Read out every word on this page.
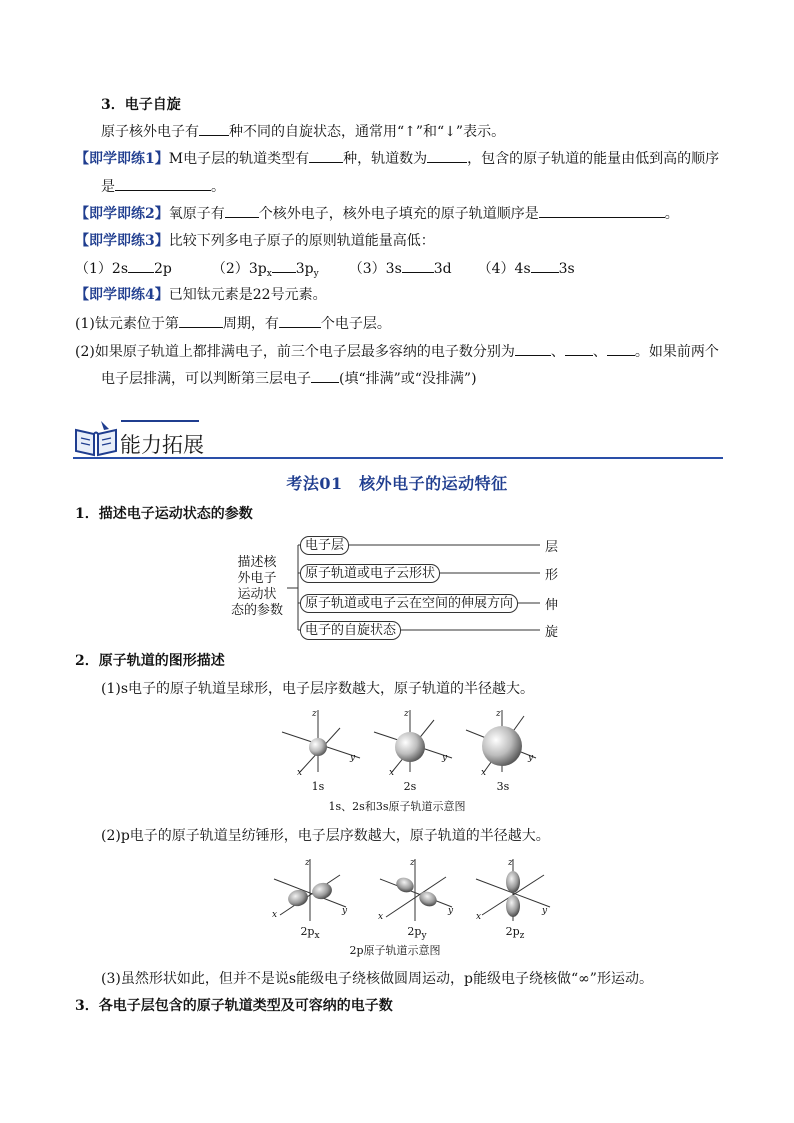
3．电子自旋
原子核外电子有 种不同的自旋状态，通常用“↑”和“↓”表示。
【即学即练1】M电子层的轨道类型有 种，轨道数为	，包含的原子轨道的能量由低到高的顺序
是	。
【即学即练2】氧原子有 个核外电子，核外电子填充的原子轨道顺序是	。
【即学即练3】比较下列多电子原子的原则轨道能量高低：
（1）2s 2p	$(2)3p_x$ $3p_y$ （3）3s 3d （4）4s 3s
【即学即练4】已知钛元素是22号元素。
(1)钛元素位于第	周期，有	个电子层。
(2)如果原子轨道上都排满电子，前三个电子层最多容纳的电子数分别为	、 、 。如果前两个
电子层排满，可以判断第三层电子 (填“排满”或“没排满”)
能力拓展
考法01　核外电子的运动特征
1．描述电子运动状态的参数
描述核
外电子
运动状
态的参数
电子层
原子轨道或电子云形状
原子轨道或电子云在空间的伸展方向
电子的自旋状态
层
形
伸
旋
2．原子轨道的图形描述
(1)s电子的原子轨道呈球形，电子层序数越大，原子轨道的半径越大。
z
x
y
z
x
y
z
x
y
1s	2s	3s
1s、2s和3s原子轨道示意图
(2)p电子的原子轨道呈纺锤形，电子层序数越大，原子轨道的半径越大。
z
x	y
z
x
y
z
x
y
$2p_x$	$2p_y$	$2p_z$
2p原子轨道示意图
(3)虽然形状如此，但并不是说s能级电子绕核做圆周运动，p能级电子绕核做“∞”形运动。
3．各电子层包含的原子轨道类型及可容纳的电子数
